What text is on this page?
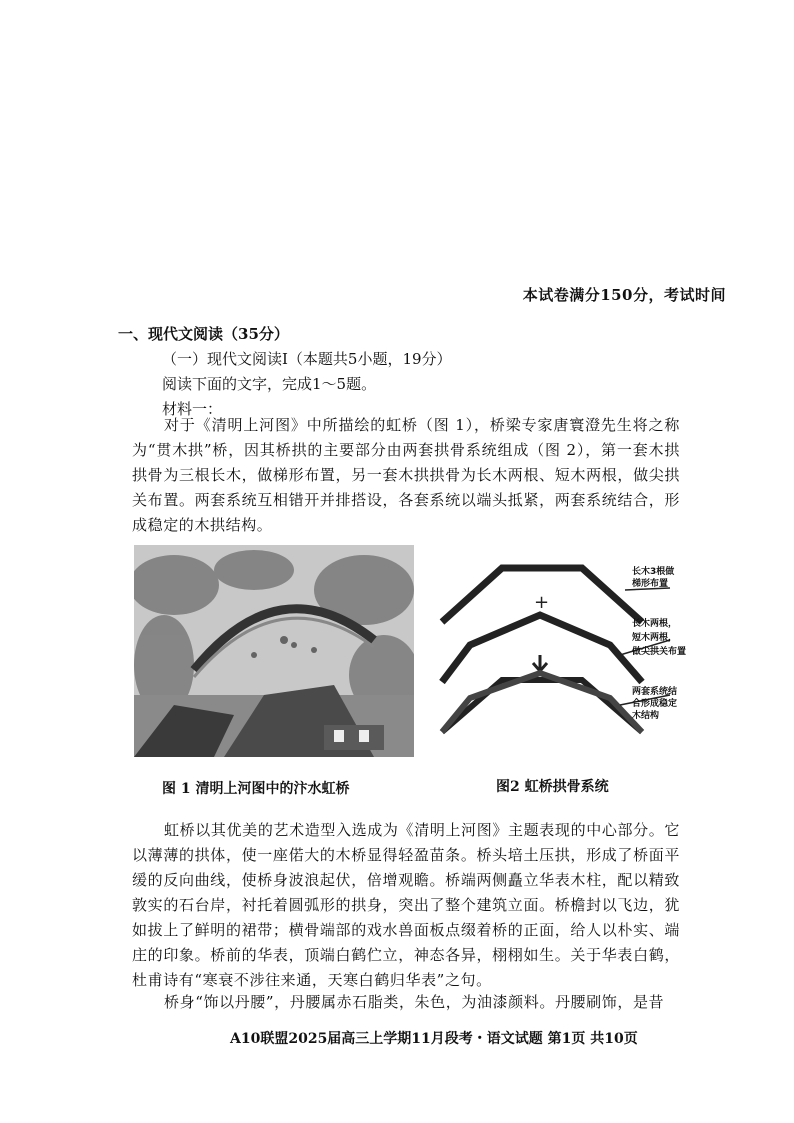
本试卷满分150分，考试时间
一、现代文阅读（35分）
（一）现代文阅读Ⅰ（本题共5小题，19分）
阅读下面的文字，完成1～5题。
材料一：

对于《清明上河图》中所描绘的虹桥（图 1），桥梁专家唐寰澄先生将之称为“贯木拱”桥，因其桥拱的主要部分由两套拱骨系统组成（图 2），第一套木拱拱骨为三根长木，做梯形布置，另一套木拱拱骨为长木两根、短木两根，做尖拱关布置。两套系统互相错开并排搭设，各套系统以端头抵紧，两套系统结合，形成稳定的木拱结构。

+
长木3根做
梯形布置
长木两根，
短木两根，
做尖拱关布置
两套系统结
合形成稳定
木结构
图 1 清明上河图中的汴水虹桥	图2 虹桥拱骨系统

虹桥以其优美的艺术造型入选成为《清明上河图》主题表现的中心部分。它以薄薄的拱体，使一座偌大的木桥显得轻盈苗条。桥头培土压拱，形成了桥面平缓的反向曲线，使桥身波浪起伏，倍增观瞻。桥端两侧矗立华表木柱，配以精致敦实的石台岸，衬托着圆弧形的拱身，突出了整个建筑立面。桥檐封以飞边，犹如拔上了鲜明的裙带；横骨端部的戏水兽面板点缀着桥的正面，给人以朴实、端庄的印象。桥前的华表，顶端白鹤伫立，神态各异，栩栩如生。关于华表白鹤，杜甫诗有“寒衰不涉往来通，天寒白鹤归华表”之句。

桥身“饰以丹腰”，丹腰属赤石脂类，朱色，为油漆颜料。丹腰刷饰，是昔

A10联盟2025届高三上学期11月段考・语文试题 第1页 共10页
